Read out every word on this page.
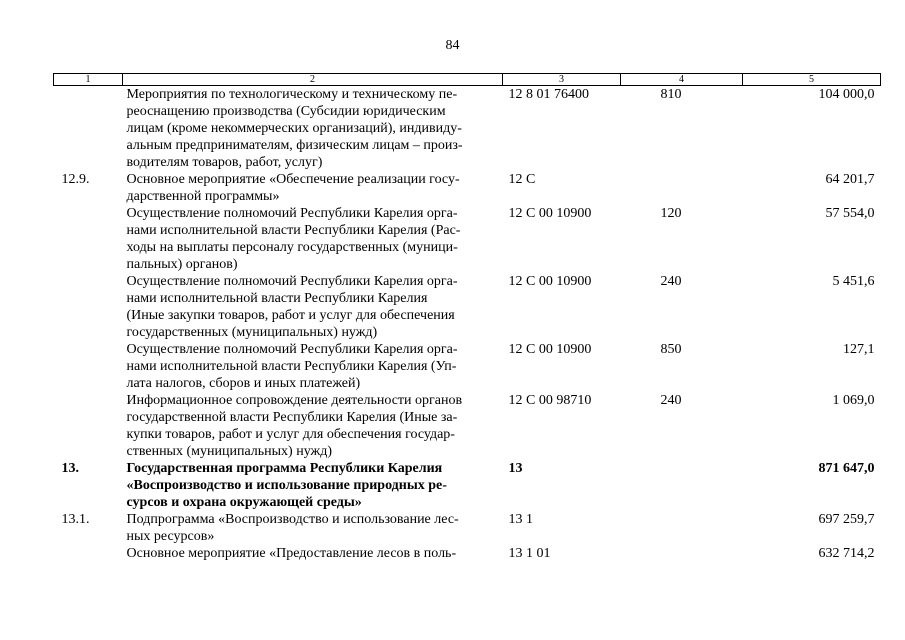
84
1	2	3	4	5

	Мероприятия по технологическому и техническому пе-
реоснащению производства (Субсидии юридическим
лицам (кроме некоммерческих организаций), индивиду-
альным предпринимателям, физическим лицам – произ-
водителям товаров, работ, услуг)	12 8 01 76400	810	104 000,0
12.9.	Основное мероприятие «Обеспечение реализации госу-
дарственной программы»	12 С		64 201,7

	Осуществление полномочий Республики Карелия орга-
нами исполнительной власти Республики Карелия (Рас-
ходы на выплаты персоналу государственных (муници-
пальных) органов)	12 С 00 10900	120	57 554,0

	Осуществление полномочий Республики Карелия орга-
нами исполнительной власти Республики Карелия
(Иные закупки товаров, работ и услуг для обеспечения
государственных (муниципальных) нужд)	12 С 00 10900	240	5 451,6

	Осуществление полномочий Республики Карелия орга-
нами исполнительной власти Республики Карелия (Уп-
лата налогов, сборов и иных платежей)	12 С 00 10900	850	127,1

	Информационное сопровождение деятельности органов
государственной власти Республики Карелия (Иные за-
купки товаров, работ и услуг для обеспечения государ-
ственных (муниципальных) нужд)	12 С 00 98710	240	1 069,0
13.	Государственная программа Республики Карелия
«Воспроизводство и использование природных ре-
сурсов и охрана окружающей среды»	13		871 647,0
13.1.	Подпрограмма «Воспроизводство и использование лес-
ных ресурсов»	13 1		697 259,7

	Основное мероприятие «Предоставление лесов в поль-	13 1 01		632 714,2
